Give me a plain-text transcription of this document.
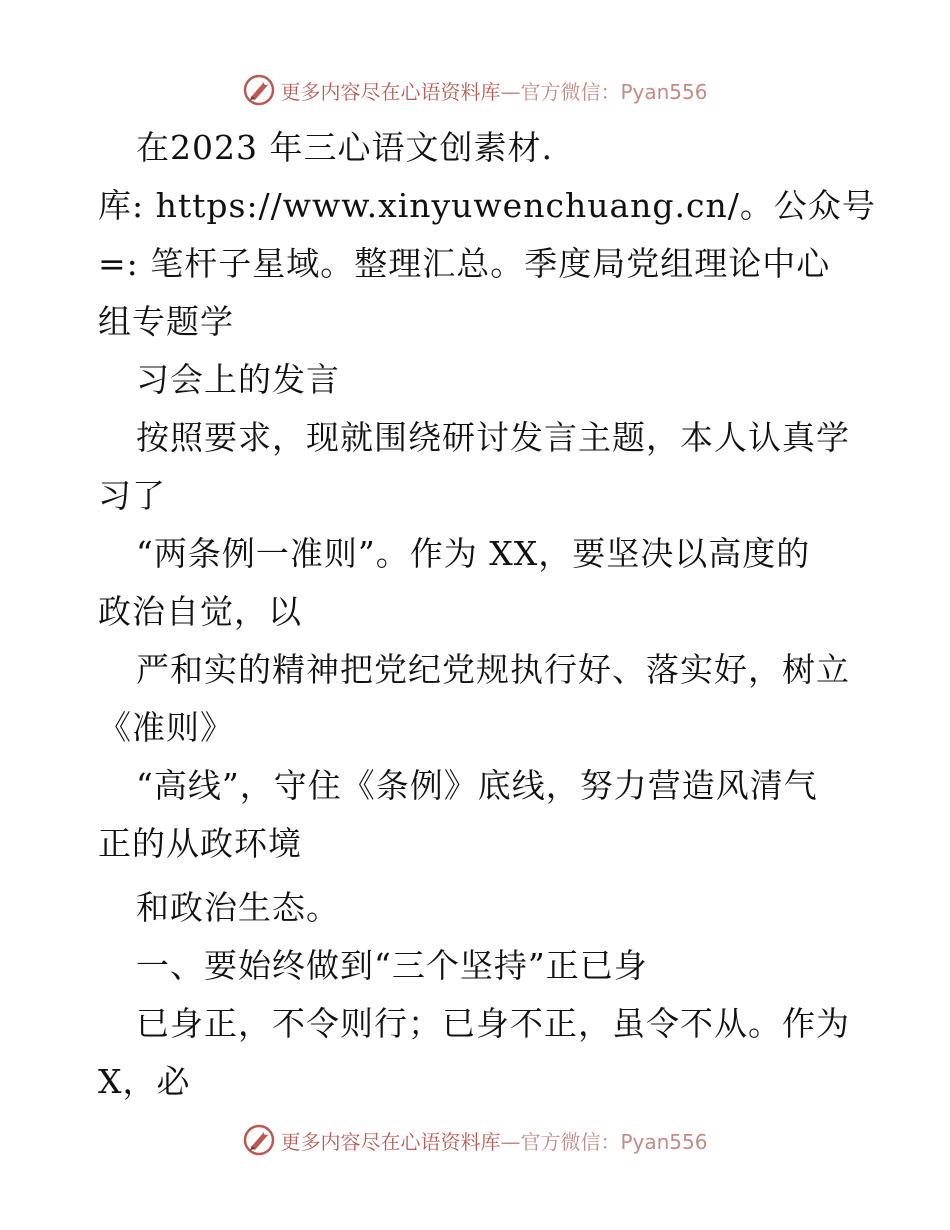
更多内容尽在心语资料库—官方微信：Pyan556
在2023 年三心语文创素材.
库: https://www.xinyuwenchuang.cn/。公众号
=: 笔杆子星域。整理汇总。季度局党组理论中心
组专题学
习会上的发言
按照要求，现就围绕研讨发言主题，本人认真学
习了
“两条例一准则”。作为 XX，要坚决以高度的
政治自觉，以
严和实的精神把党纪党规执行好、落实好，树立
《准则》
“高线”，守住《条例》底线，努力营造风清气
正的从政环境
和政治生态。
一、要始终做到“三个坚持”正已身
已身正，不令则行；已身不正，虽令不从。作为
X，必
更多内容尽在心语资料库—官方微信：Pyan556
